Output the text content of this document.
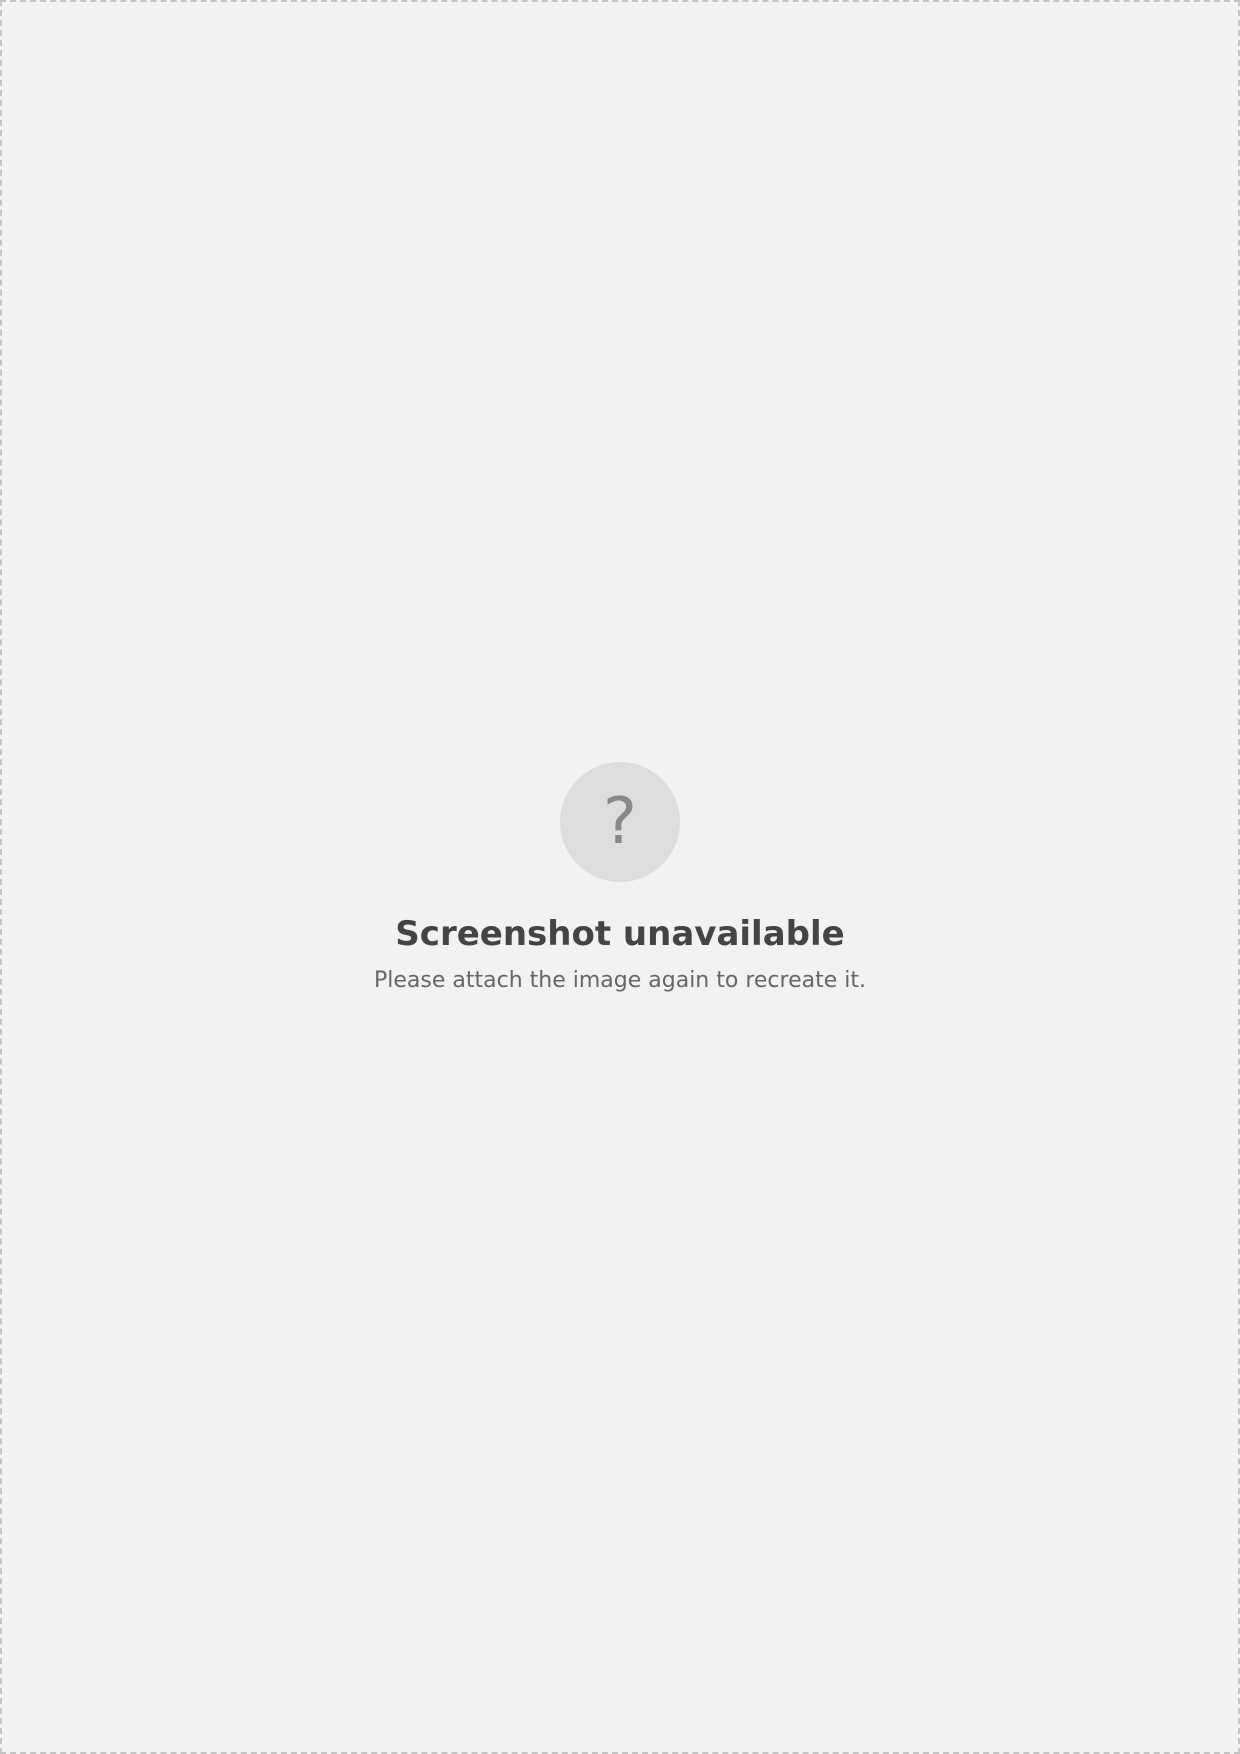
?
Screenshot unavailable
Please attach the image again to recreate it.
